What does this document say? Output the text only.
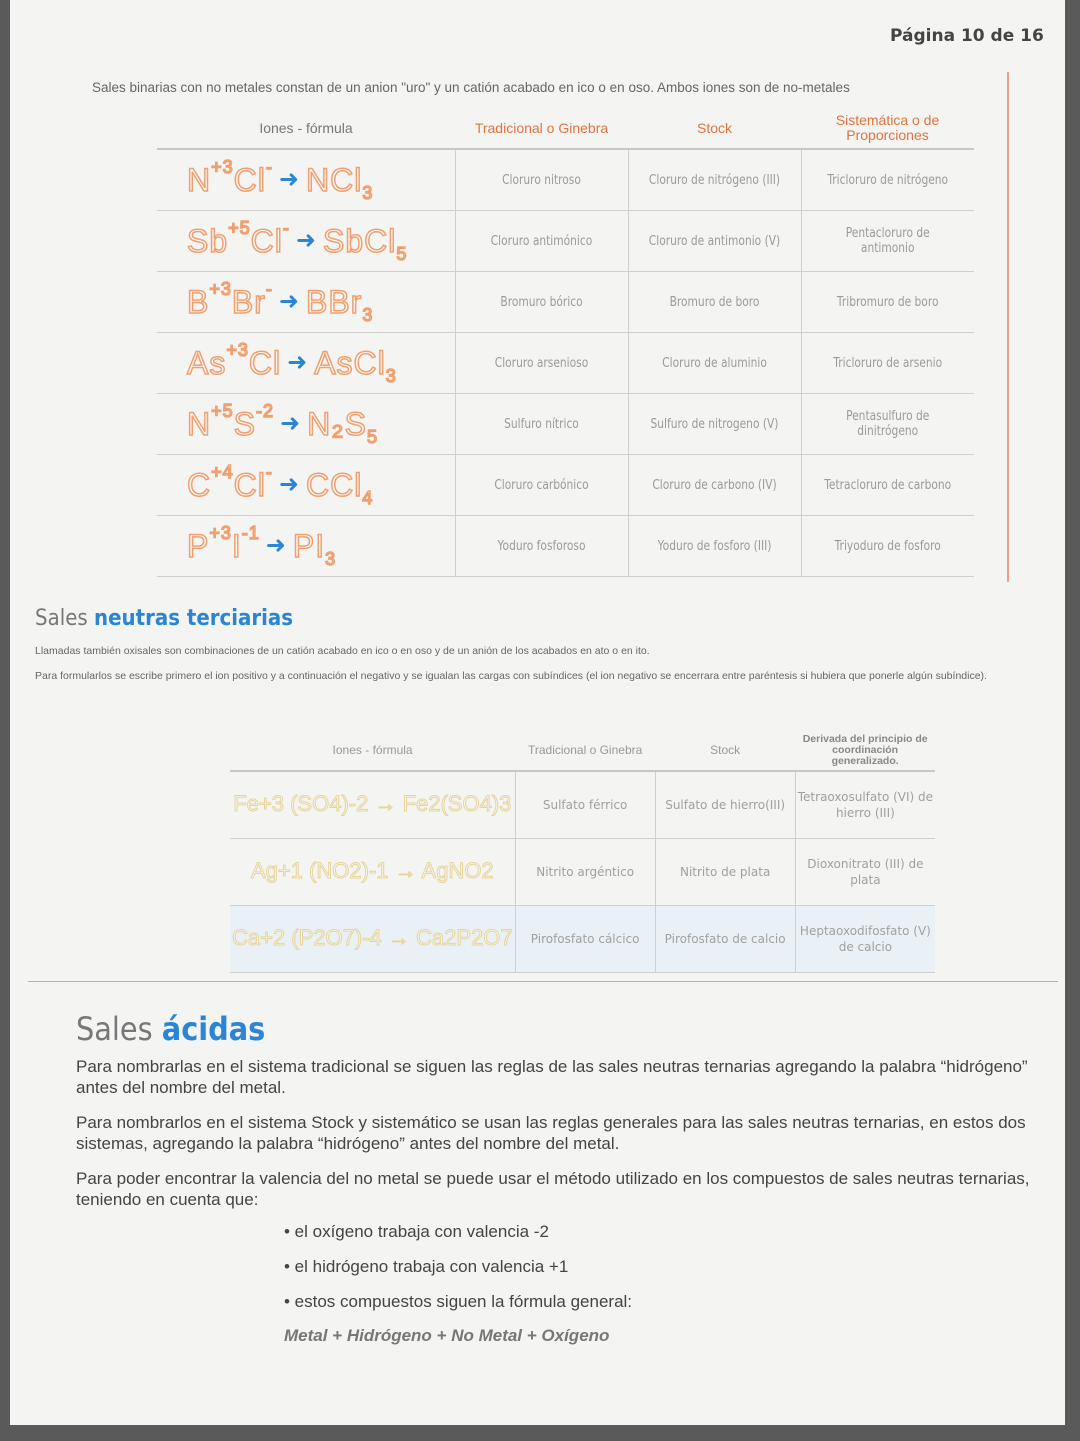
Página 10 de 16
Sales binarias con no metales constan de un anion "uro" y un catión acabado en ico o en oso. Ambos iones son de no-metales
Iones - fórmula	Tradicional o Ginebra	Stock	Sistemática o de Proporciones
$N^{+3}Cl^-$ ➜ NCl$_3$	Cloruro nitroso	Cloruro de nitrógeno (III)	Tricloruro de nitrógeno
$Sb^{+5}Cl^-$ ➜ SbCl$_5$	Cloruro antimónico	Cloruro de antimonio (V)	Pentacloruro de antimonio
$B^{+3}Br^-$ ➜ BBr$_3$	Bromuro bórico	Bromuro de boro	Tribromuro de boro
$As^{+3}Cl$ ➜ AsCl$_3$	Cloruro arsenioso	Cloruro de aluminio	Tricloruro de arsenio
$N^{+5}S^{-2}$ ➜ $N_2S_5$	Sulfuro nítrico	Sulfuro de nitrogeno (V)	Pentasulfuro de dinitrógeno
$C^{+4}Cl^-$ ➜ CCl$_4$	Cloruro carbónico	Cloruro de carbono (IV)	Tetracloruro de carbono
$P^{+3}I^{-1}$ ➜ $PI_3$	Yoduro fosforoso	Yoduro de fosforo (III)	Triyoduro de fosforo
Sales neutras terciarias
Llamadas también oxisales son combinaciones de un catión acabado en ico o en oso y de un anión de los acabados en ato o en ito.
Para formularlos se escribe primero el ion positivo y a continuación el negativo y se igualan las cargas con subíndices (el ion negativo se encerrara entre paréntesis si hubiera que ponerle algún subíndice).
Iones - fórmula	Tradicional o Ginebra	Stock	Derivada del principio de coordinación generalizado.
Fe+3 (SO4)-2 → Fe2(SO4)3	Sulfato férrico	Sulfato de hierro(III)	Tetraoxosulfato (VI) de hierro (III)
Ag+1 (NO2)-1 → AgNO2	Nitrito argéntico	Nitrito de plata	Dioxonitrato (III) de plata
Ca+2 (P2O7)-4 → Ca2P2O7	Pirofosfato cálcico	Pirofosfato de calcio	Heptaoxodifosfato (V) de calcio
Sales ácidas
Para nombrarlas en el sistema tradicional se siguen las reglas de las sales neutras ternarias agregando la palabra “hidrógeno” antes del nombre del metal.
Para nombrarlos en el sistema Stock y sistemático se usan las reglas generales para las sales neutras ternarias, en estos dos sistemas, agregando la palabra “hidrógeno” antes del nombre del metal.
Para poder encontrar la valencia del no metal se puede usar el método utilizado en los compuestos de sales neutras ternarias, teniendo en cuenta que:
• el oxígeno trabaja con valencia -2
• el hidrógeno trabaja con valencia +1
• estos compuestos siguen la fórmula general:
Metal + Hidrógeno + No Metal + Oxígeno
